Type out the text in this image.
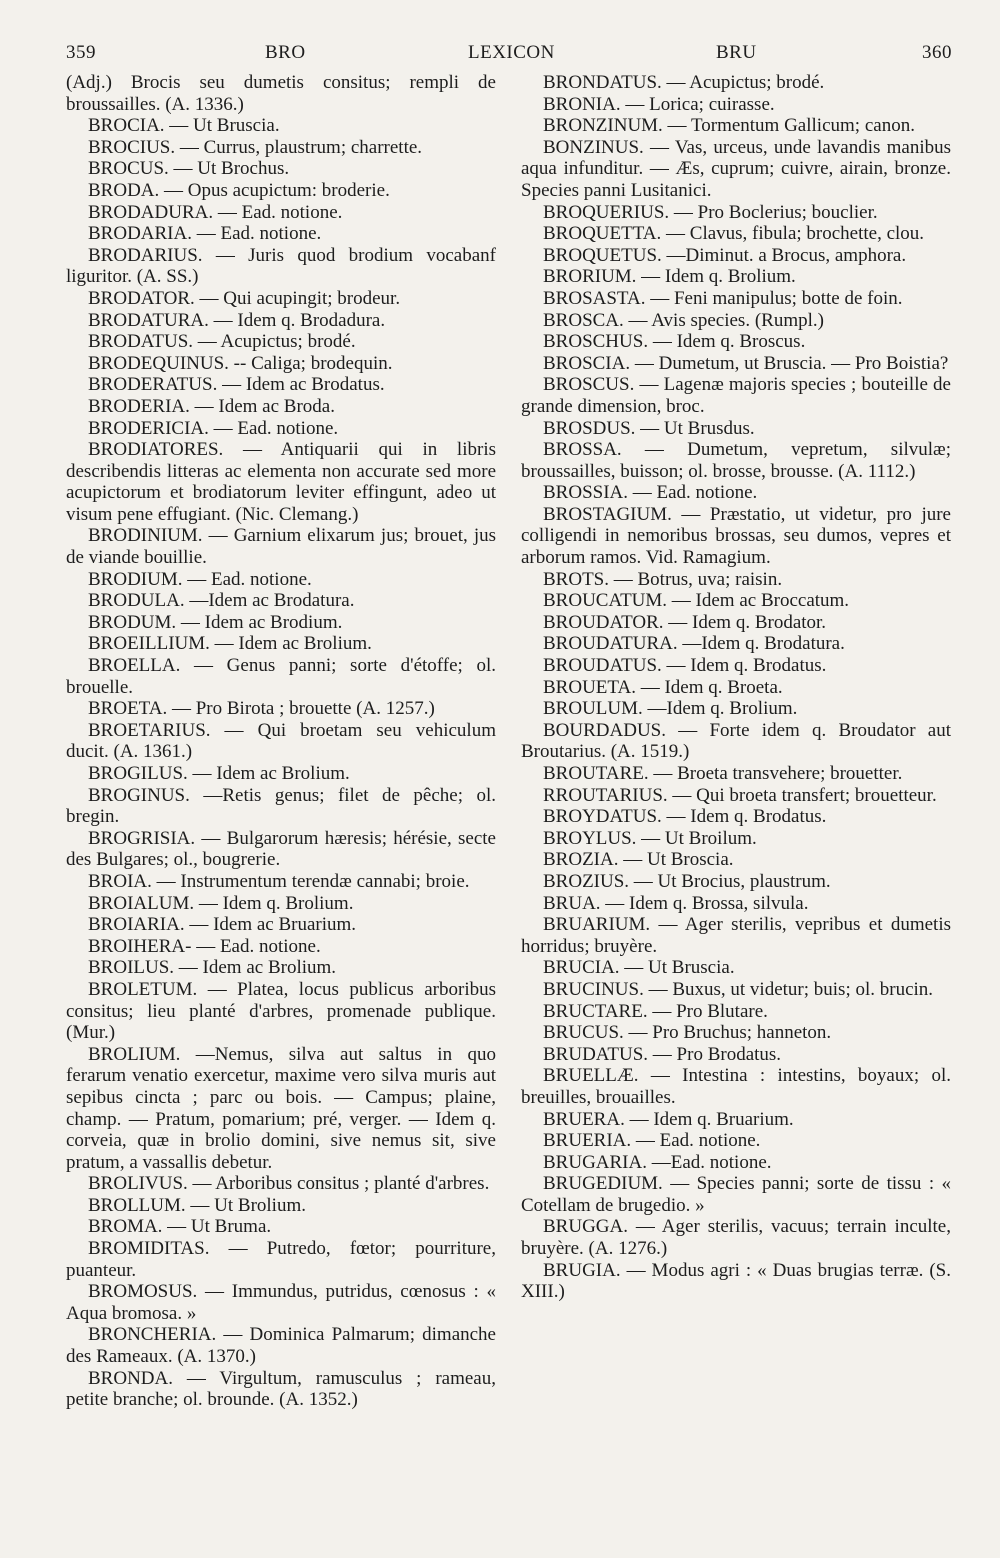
359	BRO	LEXICON	BRU	360

(Adj.) Brocis seu dumetis consitus; rempli de broussailles. (A. 1336.)

BROCIA. — Ut Bruscia.

BROCIUS. — Currus, plaustrum; charrette.

BROCUS. — Ut Brochus.

BRODA. — Opus acupictum: broderie.

BRODADURA. — Ead. notione.

BRODARIA. — Ead. notione.

BRODARIUS. — Juris quod brodium vocabanf liguritor. (A. SS.)

BRODATOR. — Qui acupingit; brodeur.

BRODATURA. — Idem q. Brodadura.

BRODATUS. — Acupictus; brodé.

BRODEQUINUS. -- Caliga; brodequin.

BRODERATUS. — Idem ac Brodatus.

BRODERIA. — Idem ac Broda.

BRODERICIA. — Ead. notione.

BRODIATORES. — Antiquarii qui in libris describendis litteras ac elementa non accurate sed more acupictorum et brodiatorum leviter effingunt, adeo ut visum pene effugiant. (Nic. Clemang.)

BRODINIUM. — Garnium elixarum jus; brouet, jus de viande bouillie.

BRODIUM. — Ead. notione.

BRODULA. —Idem ac Brodatura.

BRODUM. — Idem ac Brodium.

BROEILLIUM. — Idem ac Brolium.

BROELLA. — Genus panni; sorte d'étoffe; ol. brouelle.

BROETA. — Pro Birota ; brouette (A. 1257.)

BROETARIUS. — Qui broetam seu vehiculum ducit. (A. 1361.)

BROGILUS. — Idem ac Brolium.

BROGINUS. —Retis genus; filet de pêche; ol. bregin.

BROGRISIA. — Bulgarorum hæresis; hérésie, secte des Bulgares; ol., bougrerie.

BROIA. — Instrumentum terendæ cannabi; broie.

BROIALUM. — Idem q. Brolium.

BROIARIA. — Idem ac Bruarium.

BROIHERA- — Ead. notione.

BROILUS. — Idem ac Brolium.

BROLETUM. — Platea, locus publicus arboribus consitus; lieu planté d'arbres, promenade publique. (Mur.)

BROLIUM. —Nemus, silva aut saltus in quo ferarum venatio exercetur, maxime vero silva muris aut sepibus cincta ; parc ou bois. — Campus; plaine, champ. — Pratum, pomarium; pré, verger. — Idem q. corveia, quæ in brolio domini, sive nemus sit, sive pratum, a vassallis debetur.

BROLIVUS. — Arboribus consitus ; planté d'arbres.

BROLLUM. — Ut Brolium.

BROMA. — Ut Bruma.

BROMIDITAS. — Putredo, fœtor; pourriture, puanteur.

BROMOSUS. — Immundus, putridus, cœnosus : « Aqua bromosa. »

BRONCHERIA. — Dominica Palmarum; dimanche des Rameaux. (A. 1370.)

BRONDA. — Virgultum, ramusculus ; rameau, petite branche; ol. brounde. (A. 1352.)

BRONDATUS. — Acupictus; brodé.

BRONIA. — Lorica; cuirasse.

BRONZINUM. — Tormentum Gallicum; canon.

BONZINUS. — Vas, urceus, unde lavandis manibus aqua infunditur. — Æs, cuprum; cuivre, airain, bronze. Species panni Lusitanici.

BROQUERIUS. — Pro Boclerius; bouclier.

BROQUETTA. — Clavus, fibula; brochette, clou.

BROQUETUS. —Diminut. a Brocus, amphora.

BRORIUM. — Idem q. Brolium.

BROSASTA. — Feni manipulus; botte de foin.

BROSCA. — Avis species. (Rumpl.)

BROSCHUS. — Idem q. Broscus.

BROSCIA. — Dumetum, ut Bruscia. — Pro Boistia?

BROSCUS. — Lagenæ majoris species ; bouteille de grande dimension, broc.

BROSDUS. — Ut Brusdus.

BROSSA. — Dumetum, vepretum, silvulæ; broussailles, buisson; ol. brosse, brousse. (A. 1112.)

BROSSIA. — Ead. notione.

BROSTAGIUM. — Præstatio, ut videtur, pro jure colligendi in nemoribus brossas, seu dumos, vepres et arborum ramos. Vid. Ramagium.

BROTS. — Botrus, uva; raisin.

BROUCATUM. — Idem ac Broccatum.

BROUDATOR. — Idem q. Brodator.

BROUDATURA. —Idem q. Brodatura.

BROUDATUS. — Idem q. Brodatus.

BROUETA. — Idem q. Broeta.

BROULUM. —Idem q. Brolium.

BOURDADUS. — Forte idem q. Broudator aut Broutarius. (A. 1519.)

BROUTARE. — Broeta transvehere; brouetter.

RROUTARIUS. — Qui broeta transfert; brouetteur.

BROYDATUS. — Idem q. Brodatus.

BROYLUS. — Ut Broilum.

BROZIA. — Ut Broscia.

BROZIUS. — Ut Brocius, plaustrum.

BRUA. — Idem q. Brossa, silvula.

BRUARIUM. — Ager sterilis, vepribus et dumetis horridus; bruyère.

BRUCIA. — Ut Bruscia.

BRUCINUS. — Buxus, ut videtur; buis; ol. brucin.

BRUCTARE. — Pro Blutare.

BRUCUS. — Pro Bruchus; hanneton.

BRUDATUS. — Pro Brodatus.

BRUELLÆ. — Intestina : intestins, boyaux; ol. breuilles, brouailles.

BRUERA. — Idem q. Bruarium.

BRUERIA. — Ead. notione.

BRUGARIA. —Ead. notione.

BRUGEDIUM. — Species panni; sorte de tissu : « Cotellam de brugedio. »

BRUGGA. — Ager sterilis, vacuus; terrain inculte, bruyère. (A. 1276.)

BRUGIA. — Modus agri : « Duas brugias terræ. (S. XIII.)
